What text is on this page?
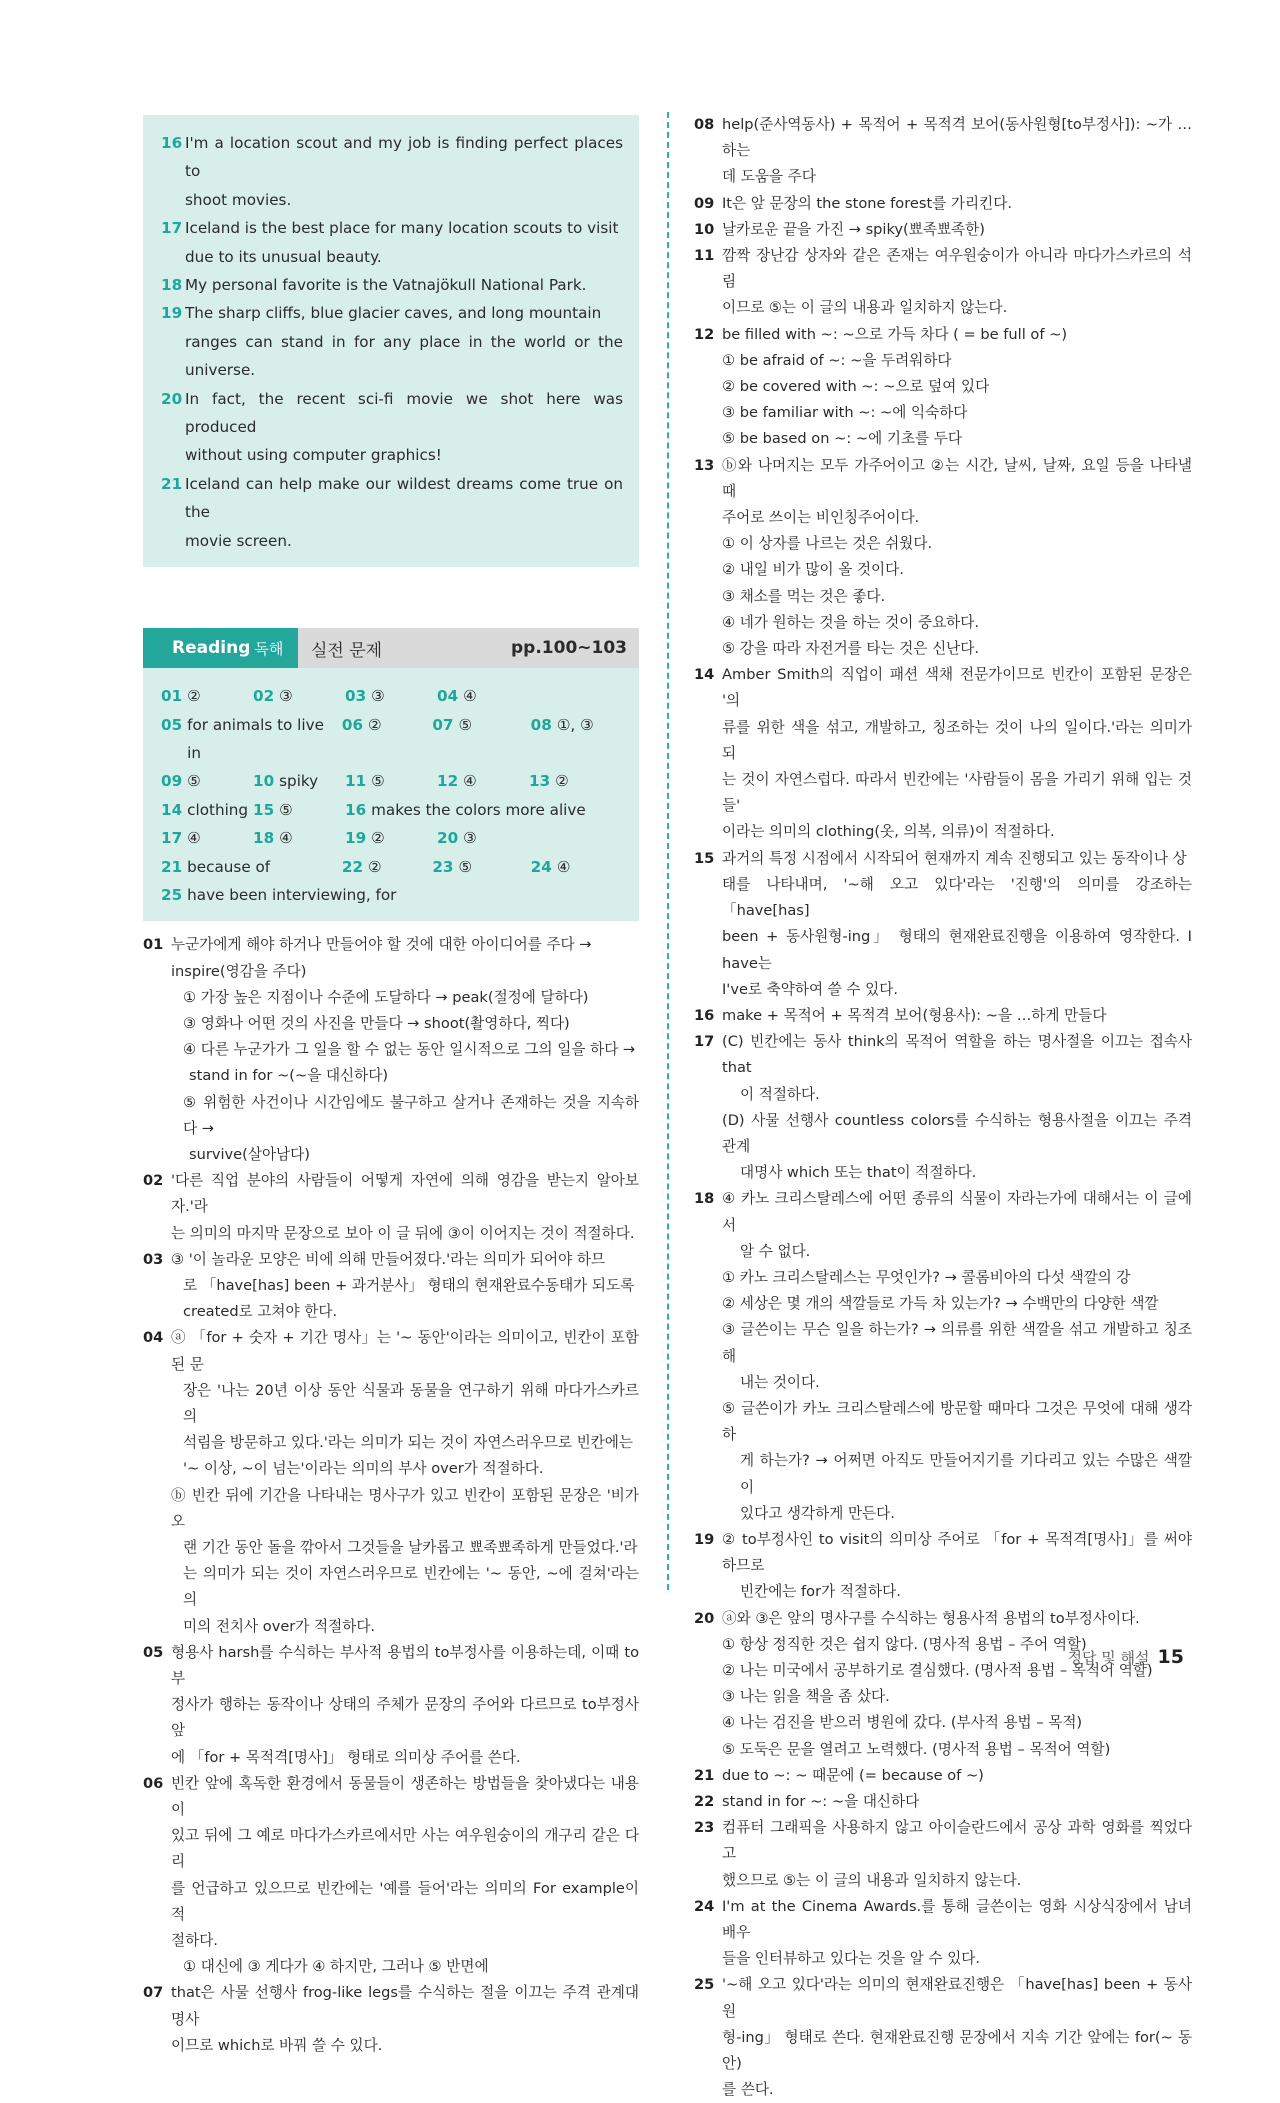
16 I'm a location scout and my job is finding perfect places to
shoot movies.
17 Iceland is the best place for many location scouts to visit
due to its unusual beauty.
18 My personal favorite is the Vatnajökull National Park.
19 The sharp cliffs, blue glacier caves, and long mountain
ranges can stand in for any place in the world or the universe.
20 In fact, the recent sci-fi movie we shot here was produced
without using computer graphics!
21 Iceland can help make our wildest dreams come true on the
movie screen.
Reading 독해 실전 문제	pp.100~103
01 ②	02 ③	03 ③	04 ④
05 for animals to live in
06 ②	07 ⑤	08 ①, ③
09 ⑤	10 spiky 11 ⑤	12 ④	13 ②
14 clothing 15 ⑤	16 makes the colors more alive
17 ④	18 ④	19 ②	20 ③
21 because of	22 ②	23 ⑤	24 ④
25 have been interviewing, for
01 누군가에게 해야 하거나 만들어야 할 것에 대한 아이디어를 주다 →
inspire(영감을 주다)
① 가장 높은 지점이나 수준에 도달하다 → peak(절정에 달하다)
③ 영화나 어떤 것의 사진을 만들다 → shoot(촬영하다, 찍다)
④ 다른 누군가가 그 일을 할 수 없는 동안 일시적으로 그의 일을 하다 →
stand in for ~(~을 대신하다)
⑤ 위험한 사건이나 시간임에도 불구하고 살거나 존재하는 것을 지속하다 →
survive(살아남다)
02 '다른 직업 분야의 사람들이 어떻게 자연에 의해 영감을 받는지 알아보자.'라
는 의미의 마지막 문장으로 보아 이 글 뒤에 ③이 이어지는 것이 적절하다.
03 ③ '이 놀라운 모양은 비에 의해 만들어졌다.'라는 의미가 되어야 하므
로 「have[has] been + 과거분사」 형태의 현재완료수동태가 되도록
created로 고쳐야 한다.
04 ⓐ 「for + 숫자 + 기간 명사」는 '~ 동안'이라는 의미이고, 빈칸이 포함된 문
장은 '나는 20년 이상 동안 식물과 동물을 연구하기 위해 마다가스카르의
석림을 방문하고 있다.'라는 의미가 되는 것이 자연스러우므로 빈칸에는
'~ 이상, ~이 넘는'이라는 의미의 부사 over가 적절하다.
ⓑ 빈칸 뒤에 기간을 나타내는 명사구가 있고 빈칸이 포함된 문장은 '비가 오
랜 기간 동안 돌을 깎아서 그것들을 날카롭고 뾰족뾰족하게 만들었다.'라
는 의미가 되는 것이 자연스러우므로 빈칸에는 '~ 동안, ~에 걸쳐'라는 의
미의 전치사 over가 적절하다.
05 형용사 harsh를 수식하는 부사적 용법의 to부정사를 이용하는데, 이때 to부
정사가 행하는 동작이나 상태의 주체가 문장의 주어와 다르므로 to부정사 앞
에 「for + 목적격[명사]」 형태로 의미상 주어를 쓴다.
06 빈칸 앞에 혹독한 환경에서 동물들이 생존하는 방법들을 찾아냈다는 내용이
있고 뒤에 그 예로 마다가스카르에서만 사는 여우원숭이의 개구리 같은 다리
를 언급하고 있으므로 빈칸에는 '예를 들어'라는 의미의 For example이 적
절하다.
① 대신에 ③ 게다가 ④ 하지만, 그러나 ⑤ 반면에
07 that은 사물 선행사 frog-like legs를 수식하는 절을 이끄는 주격 관계대명사
이므로 which로 바꿔 쓸 수 있다.
08 help(준사역동사) + 목적어 + 목적격 보어(동사원형[to부정사]): ~가 …하는
데 도움을 주다
09 It은 앞 문장의 the stone forest를 가리킨다.
10 날카로운 끝을 가진 → spiky(뾰족뾰족한)
11 깜짝 장난감 상자와 같은 존재는 여우원숭이가 아니라 마다가스카르의 석림
이므로 ⑤는 이 글의 내용과 일치하지 않는다.
12 be filled with ~: ~으로 가득 차다 ( = be full of ~)
① be afraid of ~: ~을 두려워하다
② be covered with ~: ~으로 덮여 있다
③ be familiar with ~: ~에 익숙하다
⑤ be based on ~: ~에 기초를 두다
13 ⓑ와 나머지는 모두 가주어이고 ②는 시간, 날씨, 날짜, 요일 등을 나타낼 때
주어로 쓰이는 비인칭주어이다.
① 이 상자를 나르는 것은 쉬웠다.
② 내일 비가 많이 올 것이다.
③ 채소를 먹는 것은 좋다.
④ 네가 원하는 것을 하는 것이 중요하다.
⑤ 강을 따라 자전거를 타는 것은 신난다.
14 Amber Smith의 직업이 패션 색채 전문가이므로 빈칸이 포함된 문장은 '의
류를 위한 색을 섞고, 개발하고, 칭조하는 것이 나의 일이다.'라는 의미가 되
는 것이 자연스럽다. 따라서 빈칸에는 '사람들이 몸을 가리기 위해 입는 것들'
이라는 의미의 clothing(옷, 의복, 의류)이 적절하다.
15 과거의 특정 시점에서 시작되어 현재까지 계속 진행되고 있는 동작이나 상
태를 나타내며, '~해 오고 있다'라는 '진행'의 의미를 강조하는 「have[has]
been + 동사원형-ing」 형태의 현재완료진행을 이용하여 영작한다. I have는
I've로 축약하여 쓸 수 있다.
16 make + 목적어 + 목적격 보어(형용사): ~을 …하게 만들다
17 (C) 빈칸에는 동사 think의 목적어 역할을 하는 명사절을 이끄는 접속사 that
이 적절하다.
(D) 사물 선행사 countless colors를 수식하는 형용사절을 이끄는 주격 관계
대명사 which 또는 that이 적절하다.
18 ④ 카노 크리스탈레스에 어떤 종류의 식물이 자라는가에 대해서는 이 글에서
알 수 없다.
① 카노 크리스탈레스는 무엇인가? → 콜롬비아의 다섯 색깔의 강
② 세상은 몇 개의 색깔들로 가득 차 있는가? → 수백만의 다양한 색깔
③ 글쓴이는 무슨 일을 하는가? → 의류를 위한 색깔을 섞고 개발하고 칭조해
내는 것이다.
⑤ 글쓴이가 카노 크리스탈레스에 방문할 때마다 그것은 무엇에 대해 생각하
게 하는가? → 어쩌면 아직도 만들어지기를 기다리고 있는 수많은 색깔이
있다고 생각하게 만든다.
19 ② to부정사인 to visit의 의미상 주어로 「for + 목적격[명사]」를 써야 하므로
빈칸에는 for가 적절하다.
20 ⓐ와 ③은 앞의 명사구를 수식하는 형용사적 용법의 to부정사이다.
① 항상 정직한 것은 쉽지 않다. (명사적 용법 – 주어 역할)
② 나는 미국에서 공부하기로 결심했다. (명사적 용법 – 목적어 역할)
③ 나는 읽을 책을 좀 샀다.
④ 나는 검진을 받으러 병원에 갔다. (부사적 용법 – 목적)
⑤ 도둑은 문을 열려고 노력했다. (명사적 용법 – 목적어 역할)
21 due to ~: ~ 때문에 (= because of ~)
22 stand in for ~: ~을 대신하다
23 컴퓨터 그래픽을 사용하지 않고 아이슬란드에서 공상 과학 영화를 찍었다고
했으므로 ⑤는 이 글의 내용과 일치하지 않는다.
24 I'm at the Cinema Awards.를 통해 글쓴이는 영화 시상식장에서 남녀 배우
들을 인터뷰하고 있다는 것을 알 수 있다.
25 '~해 오고 있다'라는 의미의 현재완료진행은 「have[has] been + 동사원
형-ing」 형태로 쓴다. 현재완료진행 문장에서 지속 기간 앞에는 for(~ 동안)
를 쓴다.
정답 및 해설 15
